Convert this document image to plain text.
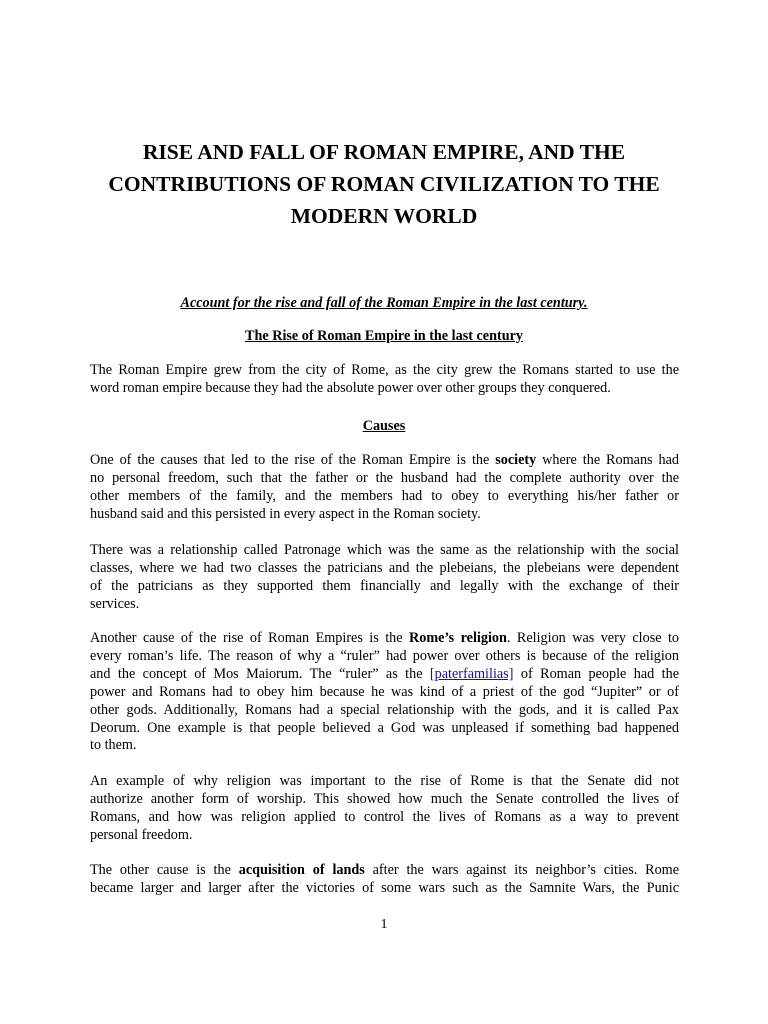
RISE AND FALL OF ROMAN EMPIRE, AND THE
CONTRIBUTIONS OF ROMAN CIVILIZATION TO THE
MODERN WORLD
Account for the rise and fall of the Roman Empire in the last century.
The Rise of Roman Empire in the last century
The Roman Empire grew from the city of Rome, as the city grew the Romans started to use the
word roman empire because they had the absolute power over other groups they conquered.
Causes
One of the causes that led to the rise of the Roman Empire is the society where the Romans had
no personal freedom, such that the father or the husband had the complete authority over the
other members of the family, and the members had to obey to everything his/her father or
husband said and this persisted in every aspect in the Roman society.
There was a relationship called Patronage which was the same as the relationship with the social
classes, where we had two classes the patricians and the plebeians, the plebeians were dependent
of the patricians as they supported them financially and legally with the exchange of their
services.
Another cause of the rise of Roman Empires is the Rome’s religion. Religion was very close to
every roman’s life. The reason of why a “ruler” had power over others is because of the religion
and the concept of Mos Maiorum. The “ruler” as the [paterfamilias] of Roman people had the
power and Romans had to obey him because he was kind of a priest of the god “Jupiter” or of
other gods. Additionally, Romans had a special relationship with the gods, and it is called Pax
Deorum. One example is that people believed a God was unpleased if something bad happened
to them.
An example of why religion was important to the rise of Rome is that the Senate did not
authorize another form of worship. This showed how much the Senate controlled the lives of
Romans, and how was religion applied to control the lives of Romans as a way to prevent
personal freedom.
The other cause is the acquisition of lands after the wars against its neighbor’s cities. Rome
became larger and larger after the victories of some wars such as the Samnite Wars, the Punic
1
